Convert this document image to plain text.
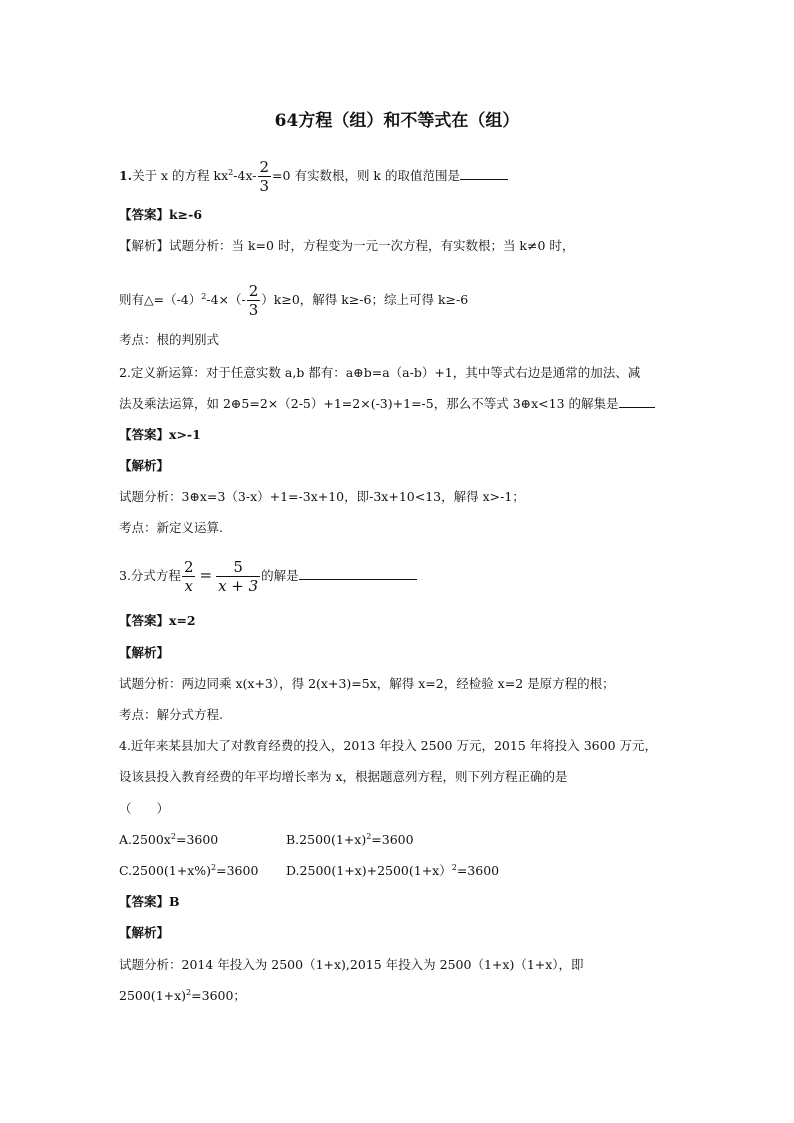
64方程（组）和不等式在（组）
1.关于 x 的方程 $kx^2-4x- \frac{2}{3} =0$ 有实数根，则 k 的取值范围是
【答案】k≥-6
【解析】试题分析：当 k=0 时，方程变为一元一次方程，有实数根；当 k≠0 时，
则有$\triangle=(-4)^2-4\times(- \frac{2}{3} )k\ge 0$，解得 k≥-6；综上可得 k≥-6
考点：根的判别式
2.定义新运算：对于任意实数 a,b 都有：a⊕b=a（a-b）+1，其中等式右边是通常的加法、减
法及乘法运算，如 2⊕5=2×（2-5）+1=2×(-3)+1=-5，那么不等式 3⊕x<13 的解集是
【答案】x>-1
【解析】
试题分析：3⊕x=3（3-x）+1=-3x+10，即-3x+10<13，解得 x>-1；
考点：新定义运算.
3.分式方程 $\frac{2}{x} = \frac{5}{x + 3}$ 的解是
【答案】x=2
【解析】
试题分析：两边同乘 x(x+3），得 2(x+3)=5x，解得 x=2，经检验 x=2 是原方程的根；
考点：解分式方程.
4.近年来某县加大了对教育经费的投入，2013 年投入 2500 万元，2015 年将投入 3600 万元，
设该县投入教育经费的年平均增长率为 x，根据题意列方程，则下列方程正确的是
（　　）
$A.2500x^2=3600$	$B.2500(1+x)^2=3600$
$C.2500(1+x\%)^2=3600$ D.2500(1+x)+2500(1+x）$^2$=3600
【答案】B
【解析】
试题分析：2014 年投入为 2500（1+x),2015 年投入为 2500（1+x)（1+x），即
$2500(1+x)^2=3600$；
